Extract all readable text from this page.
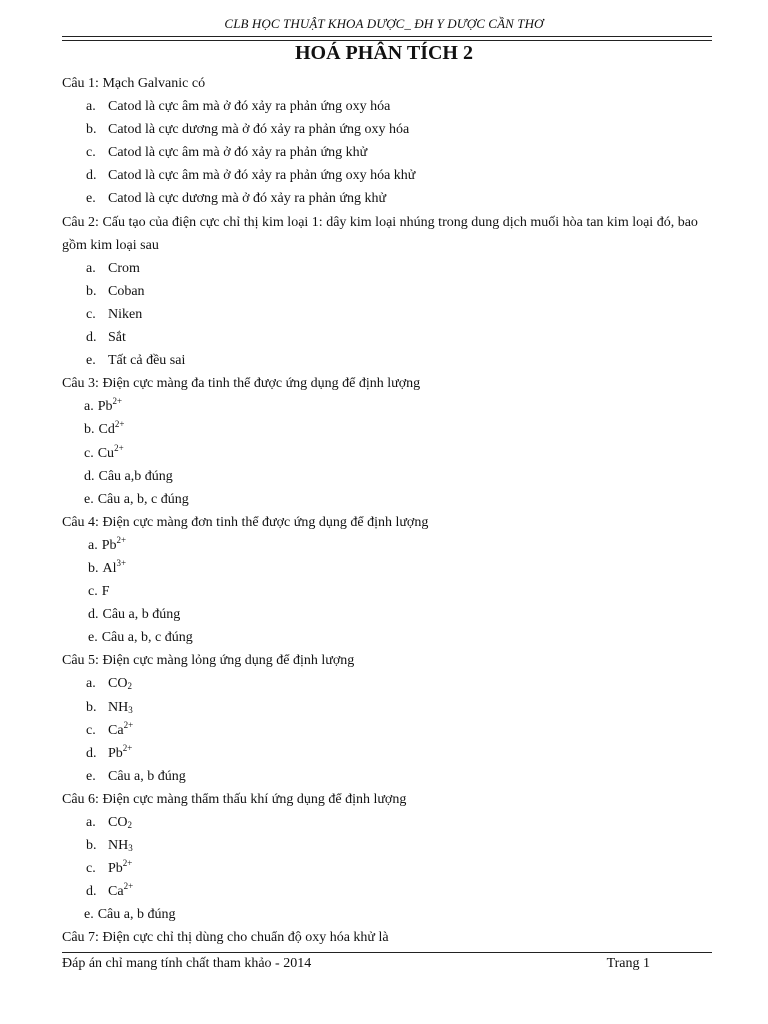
CLB HỌC THUẬT KHOA DƯỢC_ ĐH Y DƯỢC CẦN THƠ
HOÁ PHÂN TÍCH 2

Câu 1: Mạch Galvanic có

a. Catod là cực âm mà ở đó xảy ra phản ứng oxy hóa

b. Catod là cực dương mà ở đó xảy ra phản ứng oxy hóa

c. Catod là cực âm mà ở đó xảy ra phản ứng khử

d. Catod là cực âm mà ở đó xảy ra phản ứng oxy hóa khử

e. Catod là cực dương mà ở đó xảy ra phản ứng khử

Câu 2: Cấu tạo của điện cực chỉ thị kim loại 1: dây kim loại nhúng trong dung dịch muối hòa tan kim loại đó, bao gồm kim loại sau

a. Crom

b. Coban

c. Niken

d. Sắt

e. Tất cả đều sai

Câu 3: Điện cực màng đa tinh thể được ứng dụng để định lượng

a. $Pb^{2+}$

b. $Cd^{2+}$

c. $Cu^{2+}$

d. Câu a,b đúng

e. Câu a, b, c đúng

Câu 4: Điện cực màng đơn tinh thể được ứng dụng để định lượng

a. $Pb^{2+}$

b. $Al^{3+}$

c. F

d. Câu a, b đúng

e. Câu a, b, c đúng

Câu 5: Điện cực màng lỏng ứng dụng để định lượng

a. $CO_2$

b. $NH_3$

c. $Ca^{2+}$

d. $Pb^{2+}$

e. Câu a, b đúng

Câu 6: Điện cực màng thẩm thấu khí ứng dụng để định lượng

a. $CO_2$

b. $NH_3$

c. $Pb^{2+}$

d. $Ca^{2+}$

e. Câu a, b đúng

Câu 7: Điện cực chỉ thị dùng cho chuẩn độ oxy hóa khử là

Đáp án chỉ mang tính chất tham khảo - 2014	Trang 1
